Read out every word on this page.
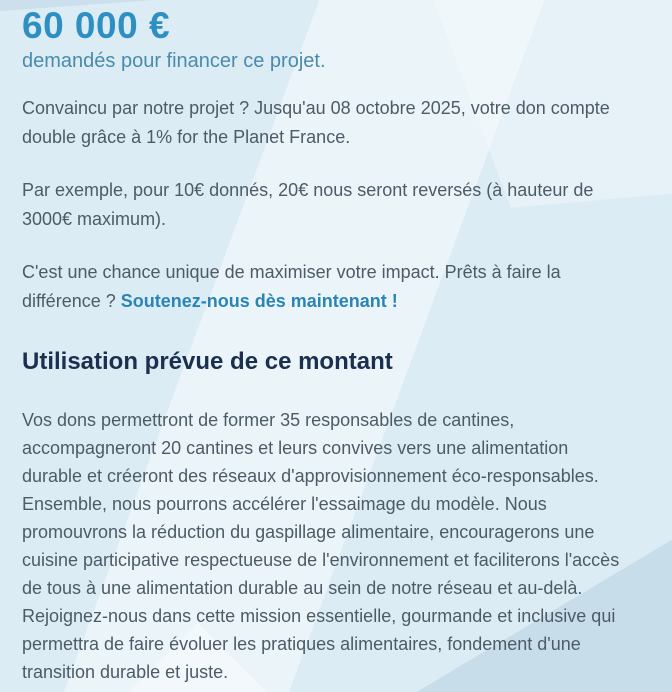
60 000 €
demandés pour financer ce projet.

Convaincu par notre projet ? Jusqu'au 08 octobre 2025, votre don compte double grâce à 1% for the Planet France.

Par exemple, pour 10€ donnés, 20€ nous seront reversés (à hauteur de 3000€ maximum).

C'est une chance unique de maximiser votre impact. Prêts à faire la différence ? Soutenez-nous dès maintenant !

Utilisation prévue de ce montant

Vos dons permettront de former 35 responsables de cantines, accompagneront 20 cantines et leurs convives vers une alimentation durable et créeront des réseaux d'approvisionnement éco-responsables. Ensemble, nous pourrons accélérer l'essaimage du modèle. Nous promouvrons la réduction du gaspillage alimentaire, encouragerons une cuisine participative respectueuse de l'environnement et faciliterons l'accès de tous à une alimentation durable au sein de notre réseau et au-delà. Rejoignez-nous dans cette mission essentielle, gourmande et inclusive qui permettra de faire évoluer les pratiques alimentaires, fondement d'une transition durable et juste.
